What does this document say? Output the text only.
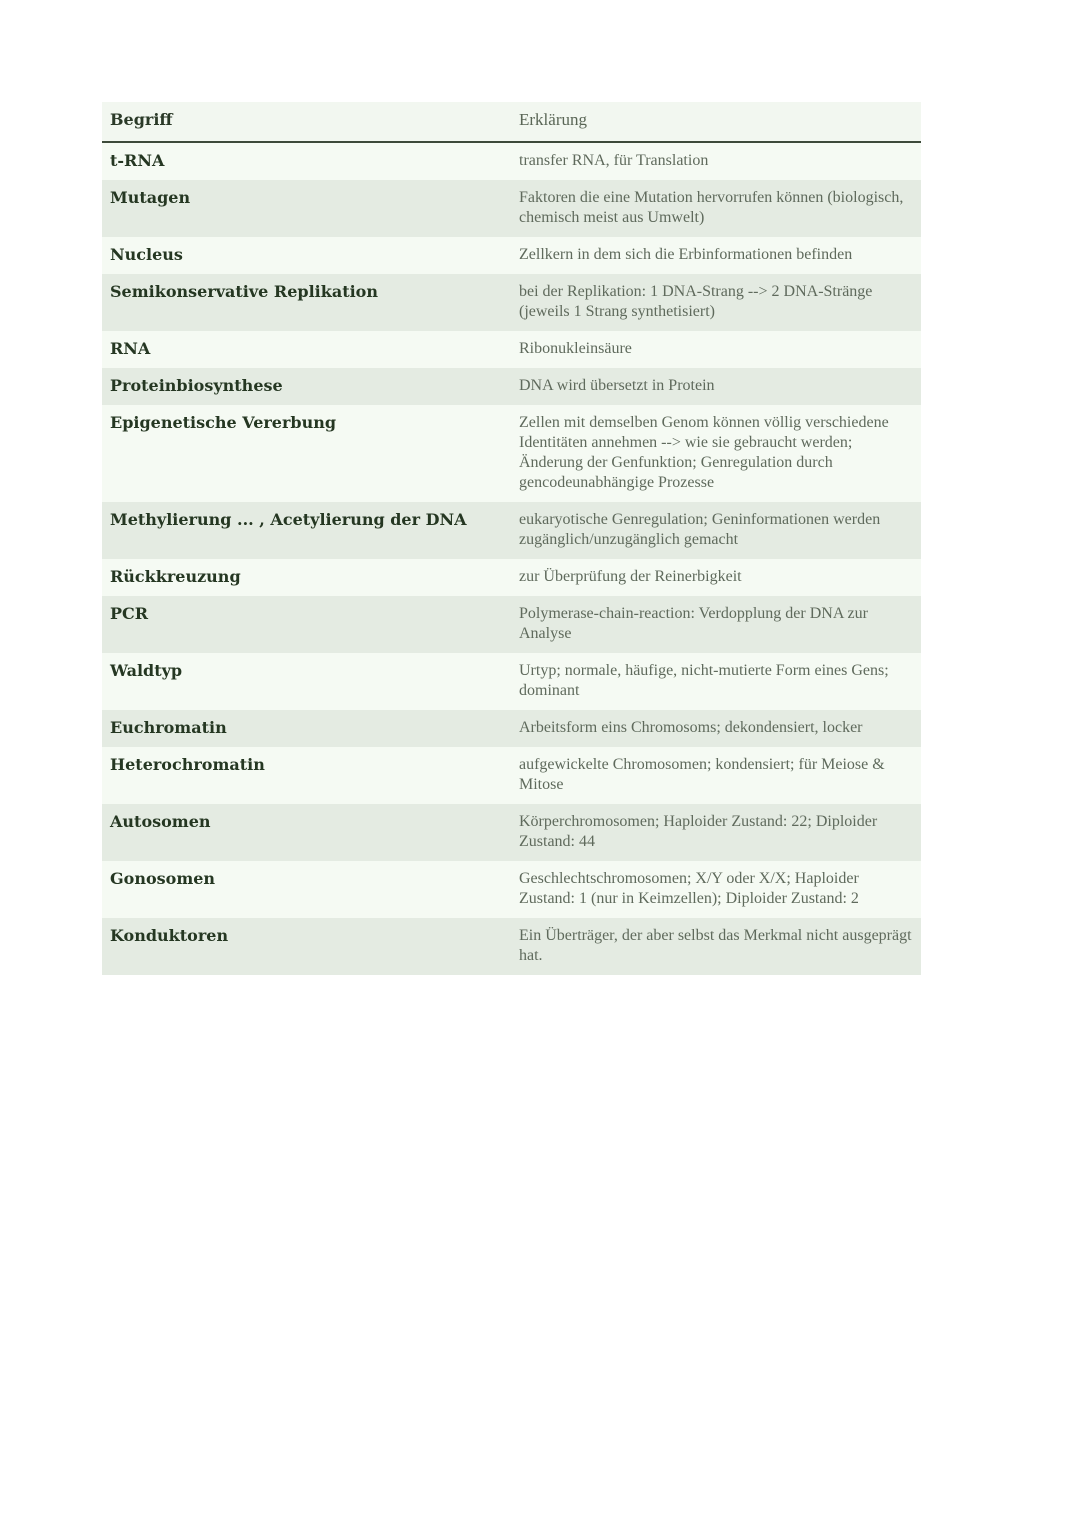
Begriff	Erklärung
t-RNA	transfer RNA, für Translation
Mutagen	Faktoren die eine Mutation hervorrufen können (biologisch, chemisch meist aus Umwelt)
Nucleus	Zellkern in dem sich die Erbinformationen befinden
Semikonservative Replikation	bei der Replikation: 1 DNA-Strang --> 2 DNA-Stränge (jeweils 1 Strang synthetisiert)
RNA	Ribonukleinsäure
Proteinbiosynthese	DNA wird übersetzt in Protein
Epigenetische Vererbung	Zellen mit demselben Genom können völlig verschiedene Identitäten annehmen --> wie sie gebraucht werden; Änderung der Genfunktion; Genregulation durch gencodeunabhängige Prozesse
Methylierung ... , Acetylierung der DNA	eukaryotische Genregulation; Geninformationen werden zugänglich/unzugänglich gemacht
Rückkreuzung	zur Überprüfung der Reinerbigkeit
PCR	Polymerase-chain-reaction: Verdopplung der DNA zur Analyse
Waldtyp	Urtyp; normale, häufige, nicht-mutierte Form eines Gens; dominant
Euchromatin	Arbeitsform eins Chromosoms; dekondensiert, locker
Heterochromatin	aufgewickelte Chromosomen; kondensiert; für Meiose & Mitose
Autosomen	Körperchromosomen; Haploider Zustand: 22; Diploider Zustand: 44
Gonosomen	Geschlechtschromosomen; X/Y oder X/X; Haploider Zustand: 1 (nur in Keimzellen); Diploider Zustand: 2
Konduktoren	Ein Überträger, der aber selbst das Merkmal nicht ausgeprägt hat.
